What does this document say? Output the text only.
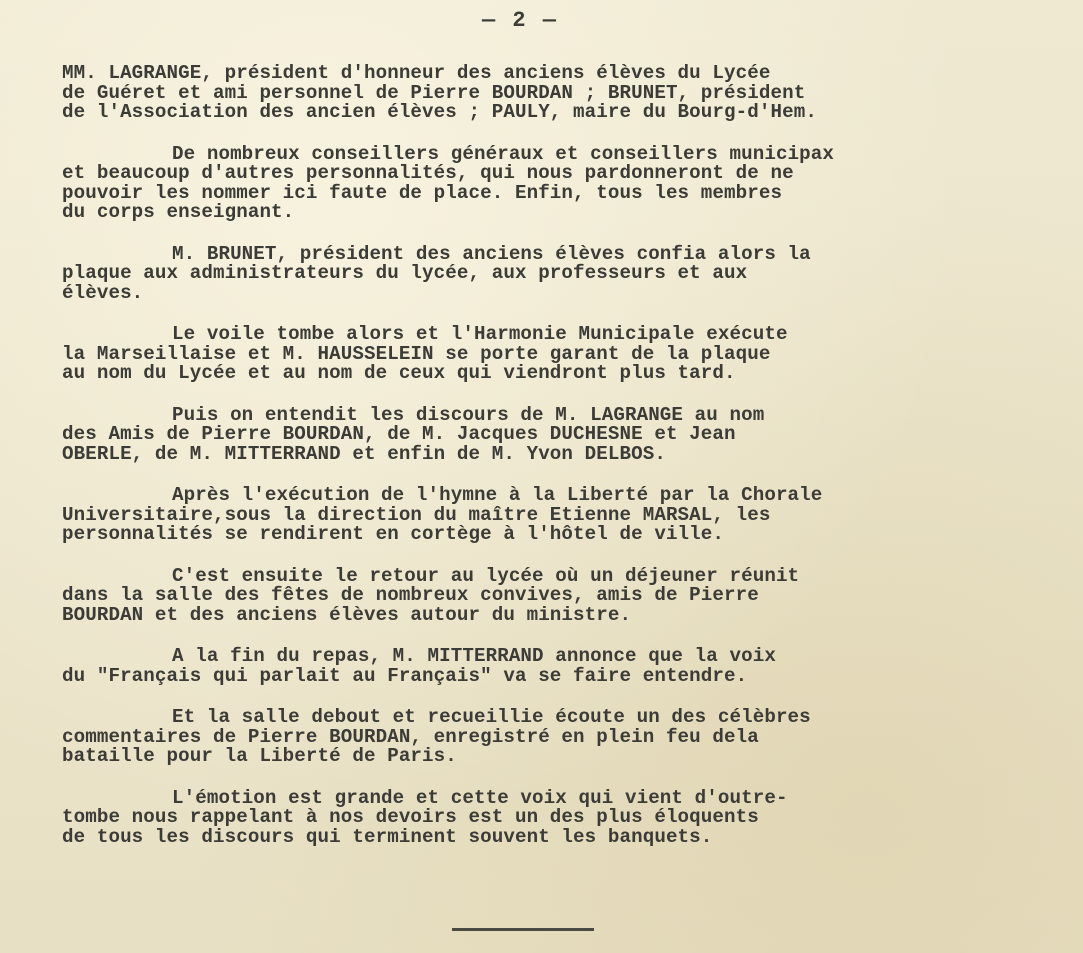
— 2 —
MM. LAGRANGE, président d'honneur des anciens élèves du Lycée
de Guéret et ami personnel de Pierre BOURDAN ; BRUNET, président
de l'Association des ancien élèves ; PAULY, maire du Bourg-d'Hem.
De nombreux conseillers généraux et conseillers municipax
et beaucoup d'autres personnalités, qui nous pardonneront de ne
pouvoir les nommer ici faute de place. Enfin, tous les membres
du corps enseignant.
M. BRUNET, président des anciens élèves confia alors la
plaque aux administrateurs du lycée, aux professeurs et aux
élèves.
Le voile tombe alors et l'Harmonie Municipale exécute
la Marseillaise et M. HAUSSELEIN se porte garant de la plaque
au nom du Lycée et au nom de ceux qui viendront plus tard.
Puis on entendit les discours de M. LAGRANGE au nom
des Amis de Pierre BOURDAN, de M. Jacques DUCHESNE et Jean
OBERLE, de M. MITTERRAND et enfin de M. Yvon DELBOS.
Après l'exécution de l'hymne à la Liberté par la Chorale
Universitaire,sous la direction du maître Etienne MARSAL, les
personnalités se rendirent en cortège à l'hôtel de ville.
C'est ensuite le retour au lycée où un déjeuner réunit
dans la salle des fêtes de nombreux convives, amis de Pierre
BOURDAN et des anciens élèves autour du ministre.
A la fin du repas, M. MITTERRAND annonce que la voix
du "Français qui parlait au Français" va se faire entendre.
Et la salle debout et recueillie écoute un des célèbres
commentaires de Pierre BOURDAN, enregistré en plein feu dela
bataille pour la Liberté de Paris.
L'émotion est grande et cette voix qui vient d'outre-
tombe nous rappelant à nos devoirs est un des plus éloquents
de tous les discours qui terminent souvent les banquets.
